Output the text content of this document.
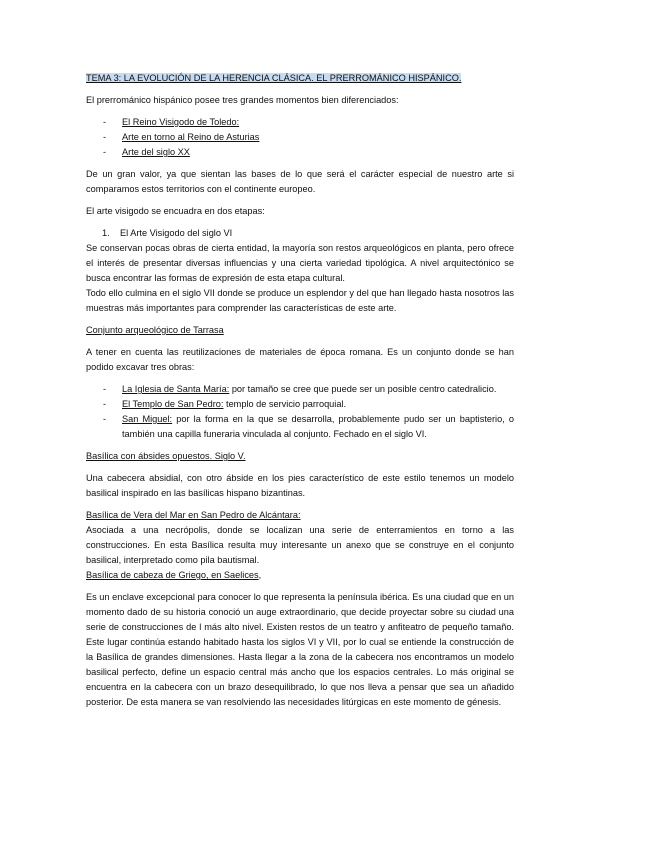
TEMA 3: LA EVOLUCIÓN DE LA HERENCIA CLÁSICA. EL PRERROMÁNICO HISPÁNICO.

El prerrománico hispánico posee tres grandes momentos bien diferenciados:

- El Reino Visigodo de Toledo:
- Arte en torno al Reino de Asturias
- Arte del siglo XX

De un gran valor, ya que sientan las bases de lo que será el carácter especial de nuestro arte si comparamos estos territorios con el continente europeo.

El arte visigodo se encuadra en dos etapas:

1. El Arte Visigodo del siglo VI

Se conservan pocas obras de cierta entidad, la mayoría son restos arqueológicos en planta, pero ofrece el interés de presentar diversas influencias y una cierta variedad tipológica. A nivel arquitectónico se busca encontrar las formas de expresión de esta etapa cultural.

Todo ello culmina en el siglo VII donde se produce un esplendor y del que han llegado hasta nosotros las muestras más importantes para comprender las características de este arte.

Conjunto arqueológico de Tarrasa

A tener en cuenta las reutilizaciones de materiales de época romana. Es un conjunto donde se han podido excavar tres obras:

- La Iglesia de Santa María: por tamaño se cree que puede ser un posible centro catedralicio.
- El Templo de San Pedro: templo de servicio parroquial.
- San Miguel: por la forma en la que se desarrolla, probablemente pudo ser un baptisterio, o también una capilla funeraria vinculada al conjunto. Fechado en el siglo VI.

Basílica con ábsides opuestos. Siglo V.

Una cabecera absidial, con otro ábside en los pies característico de este estilo tenemos un modelo basilical inspirado en las basílicas hispano bizantinas.

Basílica de Vera del Mar en San Pedro de Alcántara:

Asociada a una necrópolis, donde se localizan una serie de enterramientos en torno a las construcciones. En esta Basílica resulta muy interesante un anexo que se construye en el conjunto basilical, interpretado como pila bautismal.

Basílica de cabeza de Griego, en Saelices,

Es un enclave excepcional para conocer lo que representa la península ibérica. Es una ciudad que en un momento dado de su historia conoció un auge extraordinario, que decide proyectar sobre su ciudad una serie de construcciones de l más alto nivel. Existen restos de un teatro y anfiteatro de pequeño tamaño. Este lugar continúa estando habitado hasta los siglos VI y VII, por lo cual se entiende la construcción de la Basílica de grandes dimensiones. Hasta llegar a la zona de la cabecera nos encontramos un modelo basilical perfecto, define un espacio central más ancho que los espacios centrales. Lo más original se encuentra en la cabecera con un brazo desequilibrado, lo que nos lleva a pensar que sea un añadido posterior. De esta manera se van resolviendo las necesidades litúrgicas en este momento de génesis.
